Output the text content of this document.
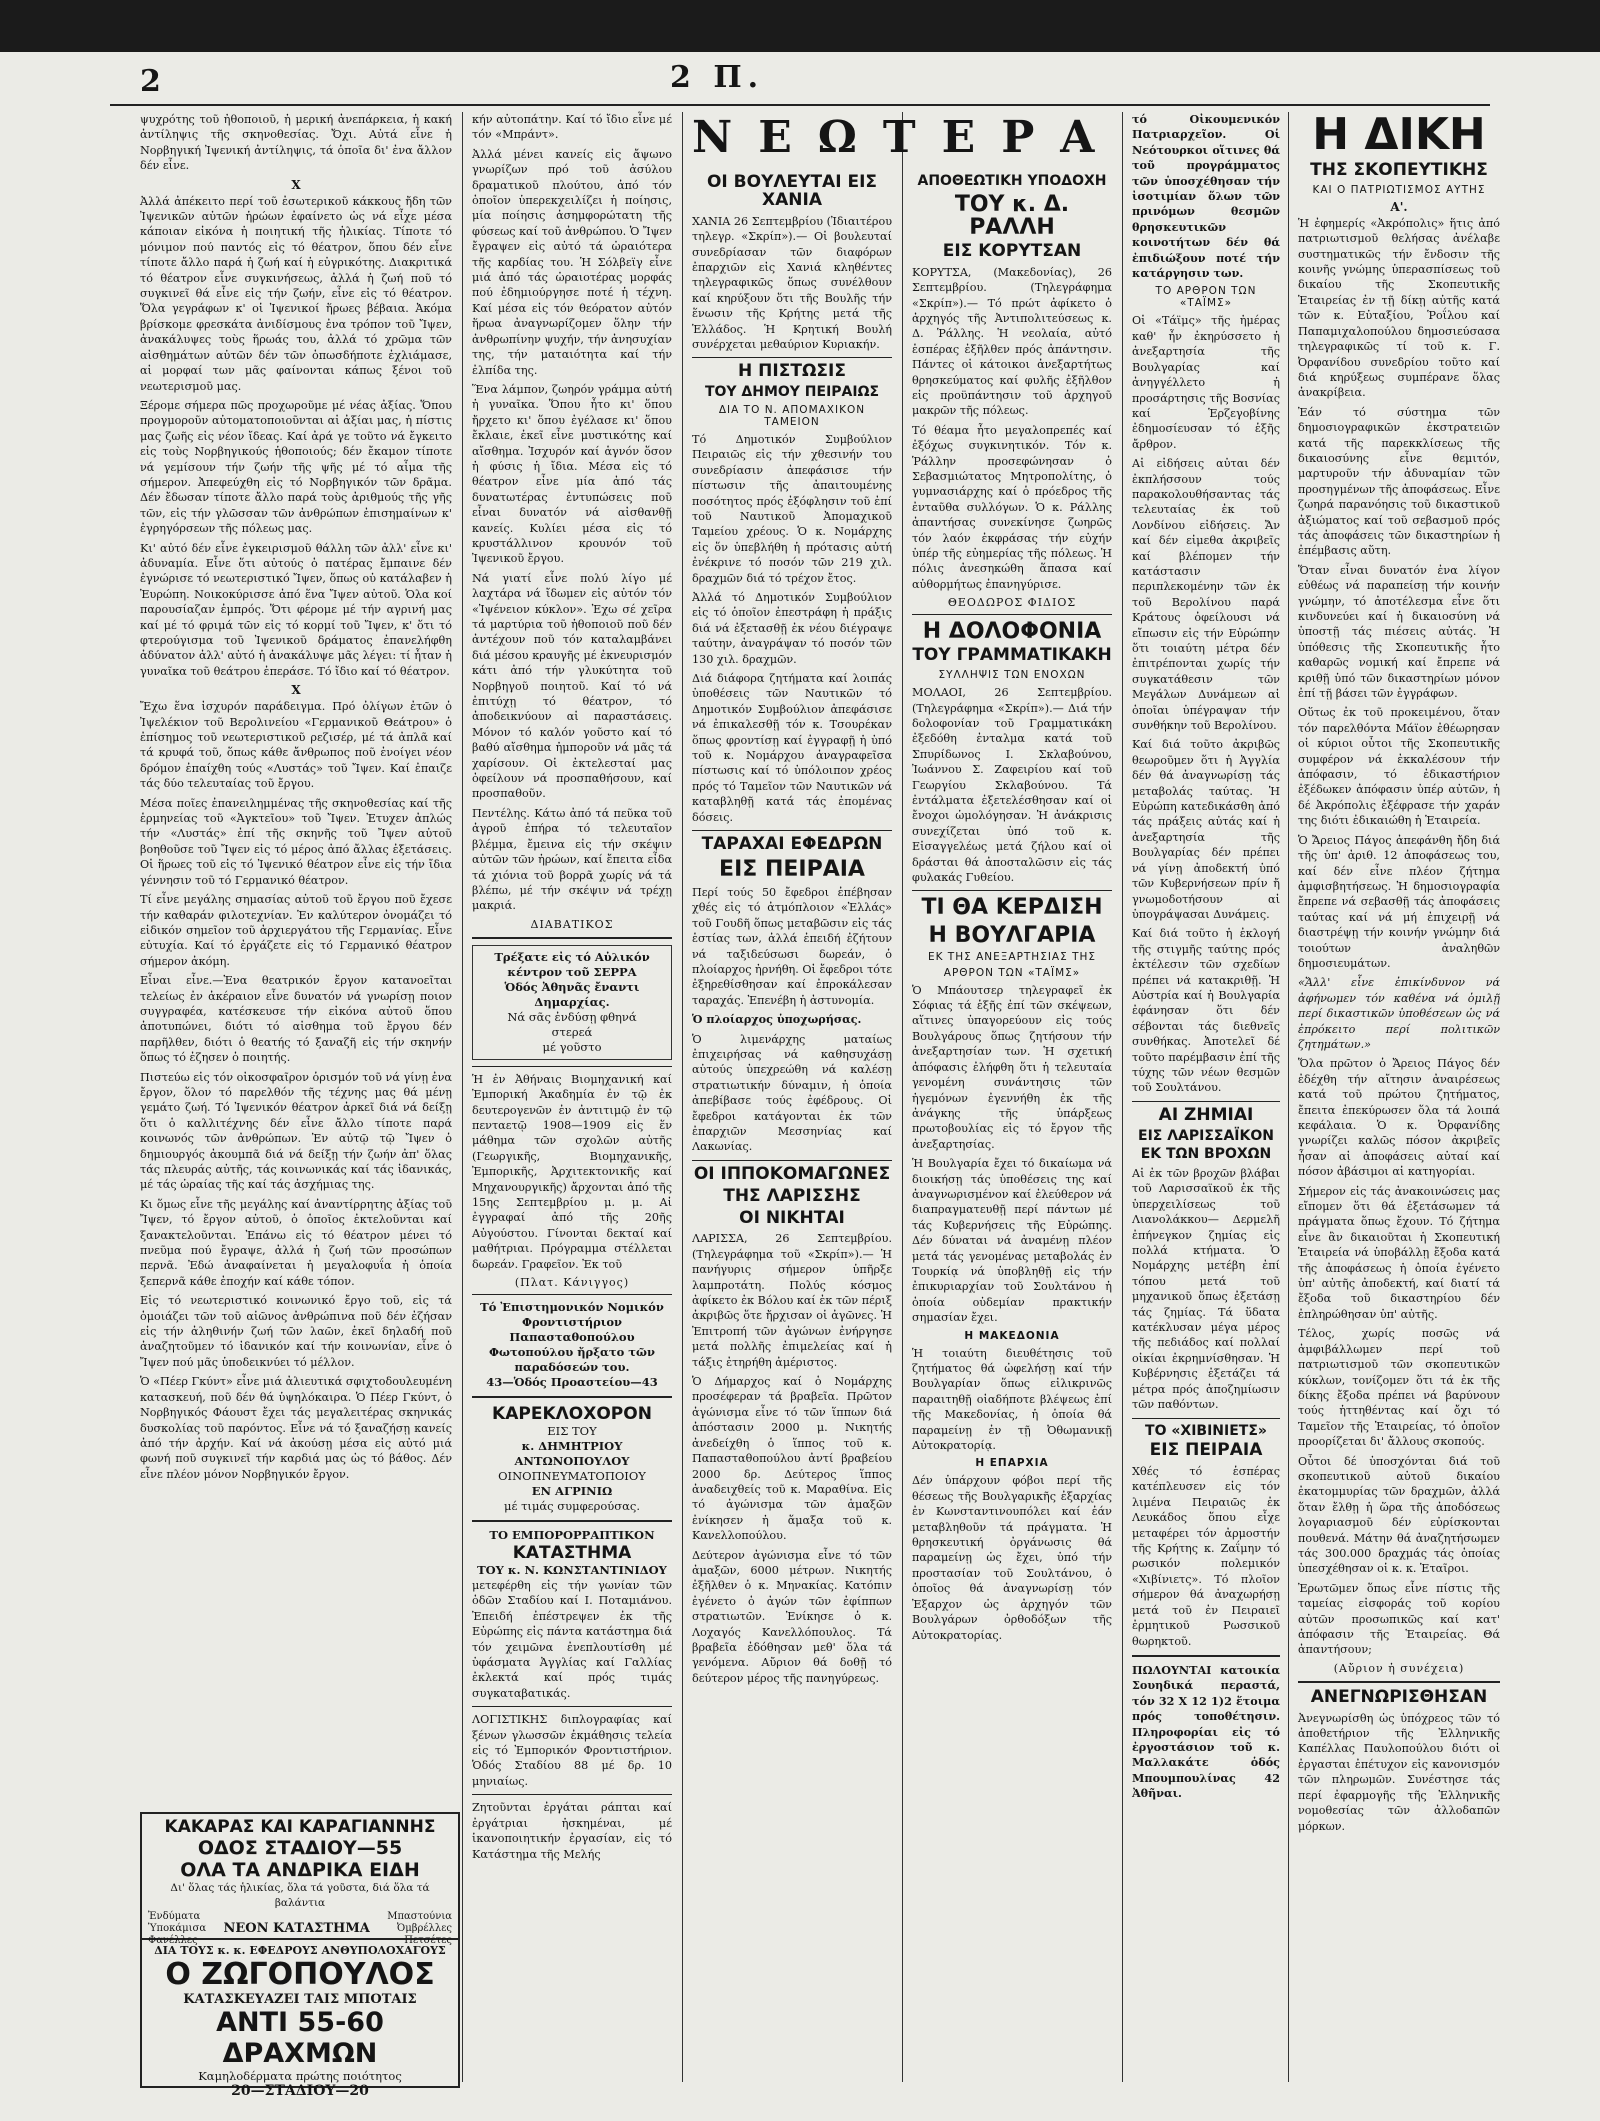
2	2 Π.

ψυχρότης τοῦ ἠθοποιοῦ, ἡ μερική ἀνεπάρκεια, ἡ κακή ἀντίληψις τῆς σκηνοθεσίας. Ὄχι. Αὐτά εἶνε ἡ Νορβηγική Ἰψενική ἀντίληψις, τά ὁποῖα δι' ἐνα ἄλλον δέν εἶνε.

X

Ἀλλά ἀπέκειτο περί τοῦ ἐσωτερικοῦ κάκκους ἤδη τῶν Ἰψενικῶν αὐτῶν ἡρώων ἐφαίνετο ὡς νά εἶχε μέσα κάποιαν εἰκόνα ἡ ποιητική τῆς ἡλικίας. Τίποτε τό μόνιμον πού παντός εἰς τό θέατρον, ὅπου δέν εἶνε τίποτε ἄλλο παρά ἡ ζωή καί ἡ εὐγρικότης. Διακριτικά τό θέατρον εἶνε συγκινήσεως, ἀλλά ἡ ζωή ποῦ τό συγκινεῖ θά εἶνε εἰς τήν ζωήν, εἶνε εἰς τό θέατρον. Ὅλα γεγράφων κ' οἱ Ἰψενικοί ἥρωες βέβαια. Ἀκόμα βρίσκομε φρεσκάτα ἀνιδίσμους ἐνα τρόπον τοῦ Ἴψεν, ἀνακάλυψες τοὺς ἥρωάς του, ἀλλά τό χρῶμα τῶν αἰσθημάτων αὐτῶν δέν τῶν ὁπωσδήποτε ἐχλιάμασε, αἱ μορφαί των μᾶς φαίνονται κάπως ξένοι τοῦ νεωτερισμοῦ μας.

Ξέρομε σήμερα πῶς προχωροῦμε μέ νέας ἀξίας. Ὅπου προγμοροῦν αὐτοματοποιοῦνται αἱ ἀξίαι μας, ἡ πίστις μας ζωῆς εἰς νέον ἴδεας. Καί ἀρά γε τοῦτο νά ἔγκειτο εἰς τοὺς Νορβηγικούς ἡθοποιούς; δέν ἔκαμον τίποτε νά γεμίσουν τήν ζωήν τῆς ψῆς μέ τό αἷμα τῆς σήμερον. Ἀπεφεύχθη εἰς τό Νορβηγικόν τῶν δρᾶμα. Δέν ἔδωσαν τίποτε ἄλλο παρά τοὺς ἀριθμούς τῆς γῆς τῶν, εἰς τήν γλῶσσαν τῶν ἀνθρώπων ἐπισημαίνων κ' ἐγρηγόρσεων τῆς πόλεως μας.

Κι' αὐτό δέν εἶνε ἐγκειρισμοῦ θάλλη τῶν ἀλλ' εἶνε κι' ἀδυναμία. Εἶνε ὅτι αὐτούς ὁ πατέρας ἔμπαινε δέν ἐγνώρισε τό νεωτεριστικό Ἴψεν, ὅπως οὐ κατάλαβεν ἡ Ἐυρώπη. Νοικοκύρισσε ἀπό ἕνα Ἴψεν αὐτοῦ. Ὁλα κοί παρουσίαζαν ἐμπρός. Ὅτι φέρομε μέ τήν αγρινή μας καί μέ τό φριμά τῶν εἰς τό κορμί τοῦ Ἴψεν, κ' ὅτι τό φτερούγισμα τοῦ Ἰψενικοῦ δράματος ἐπανελήφθη ἀδύνατον ἀλλ' αὐτό ἡ ἀνακάλυψε μᾶς λέγει: τί ἦταν ἡ γυναῖκα τοῦ θεάτρου ἐπεράσε. Τό ἴδιο καί τό θέατρον.

X

Ἔχω ἕνα ἰσχυρόν παράδειγμα. Πρό ὀλίγων ἐτῶν ὁ Ἰψελέκιον τοῦ Βερολινείου «Γερμανικοῦ Θεάτρου» ὁ ἐπίσημος τοῦ νεωτεριστικοῦ ρεζισέρ, μέ τά ἀπλᾶ καί τά κρυφά τοῦ, ὅπως κάθε ἄνθρωπος ποῦ ἐνοίγει νέον δρόμον ἐπαίχθη τούς «Λυστάς» τοῦ Ἴψεν. Καί ἐπαιζε τάς δύο τελευταίας τοῦ ἔργου.

Μέσα ποῖες ἐπανειλημμένας τῆς σκηνοθεσίας καί τῆς ἑρμηνείας τοῦ «Ἀγκτεῖου» τοῦ Ἴψεν. Ἐτυχεν ἀπλώς τήν «Λυστάς» ἐπί τῆς σκηνῆς τοῦ Ἴψεν αὐτοῦ βοηθοῦσε τοῦ Ἴψεν εἰς τό μέρος ἀπό ἄλλας ἐξετάσεις. Οἱ ἥρωες τοῦ εἰς τό Ἰψενικό θέατρον εἶνε εἰς τήν ἴδια γέννησιν τοῦ τό Γερμανικό θέατρον.

Τί εἶνε μεγάλης σημασίας αὐτοῦ τοῦ ἔργου ποῦ ἔχεσε τήν καθαράν φιλοτεχνίαν. Ἑν καλύτερον ὀνομάζει τό εἰδικόν σημεῖον τοῦ ἀρχιεργάτου τῆς Γερμανίας. Εἶνε εὐτυχία. Καί τό ἐργάζετε εἰς τό Γερμανικό θέατρον σήμερον ἀκόμη.

Εἶναι εἶνε.—Ἑνα θεατρικόν ἔργον κατανοεῖται τελείως ἐν ἀκέραιον εἶνε δυνατόν νά γνωρίσῃ ποιον συγγραφέα, κατέσκευσε τήν εἰκόνα αὐτοῦ ὅπου ἀποτυπώνει, διότι τό αἰσθημα τοῦ ἔργου δέν παρῆλθεν, διότι ὁ θεατής τό ξαναζῆ εἰς τήν σκηνήν ὅπως τό ἐζησεν ὁ ποιητής.

Πιστεύω εἰς τόν οἰκοσφαῖρον ὁρισμόν τοῦ νά γίνῃ ἐνα ἔργον, ὅλον τό παρελθόν τῆς τέχνης μας θά μένῃ γεμάτο ζωή. Τό Ἰψενικόν θέατρον ἀρκεῖ διά νά δείξῃ ὅτι ὁ καλλιτέχνης δέν εἶνε ἄλλο τίποτε παρά κοινωνός τῶν ἀνθρώπων. Ἐν αὐτῷ τῷ Ἴψεν ὁ δημιουργός ἀκουμπᾶ διά νά δείξῃ τήν ζωήν ἀπ' ὅλας τάς πλευράς αὐτῆς, τάς κοινωνικάς καί τάς ἰδανικάς, μέ τάς ὡραίας τῆς καί τάς ἀσχήμιας της.

Κι ὅμως εἶνε τῆς μεγάλης καί ἀναντίρρητης ἀξίας τοῦ Ἴψεν, τό ἔργον αὐτοῦ, ὁ ὁποῖος ἐκτελοῦνται καί ξανακτελοῦνται. Ἐπάνω εἰς τό θέατρον μένει τό πνεῦμα πού ἔγραψε, ἀλλά ἡ ζωή τῶν προσώπων περνᾶ. Ἐδώ ἀναφαίνεται ἡ μεγαλοφυΐα ἡ ὁποία ξεπερνᾶ κάθε ἐποχήν καί κάθε τόπον.

Εἰς τό νεωτεριστικό κοινωνικό ἔργο τοῦ, εἰς τά ὁμοιάζει τῶν τοῦ αἰῶνος ἀνθρώπινα ποῦ δέν ἐζήσαν εἰς τήν ἀληθινήν ζωή τῶν λαῶν, ἐκεῖ δηλαδή ποῦ ἀναζητοῦμεν τό ἰδανικόν καί τήν κοινωνίαν, εἶνε ὁ Ἴψεν πού μᾶς ὑποδεικνύει τό μέλλον.

Ὁ «Πέερ Γκύντ» εἶνε μιά ἀλιευτικά σφιχτοδουλευμένη κατασκευή, ποῦ δέν θά ὑψηλόκαιρα. Ὁ Πέερ Γκύντ, ὁ Νορβηγικός Φάουστ ἔχει τάς μεγαλειτέρας σκηνικάς δυσκολίας τοῦ παρόντος. Εἶνε νά τό ξαναζήσῃ κανείς ἀπό τήν ἀρχήν. Καί νά ἀκούσῃ μέσα εἰς αὐτό μιά φωνή ποῦ συγκινεῖ τήν καρδιά μας ὡς τό βάθος. Δέν εἶνε πλέον μόνον Νορβηγικόν ἔργον.

κήν αὐτοπάτην. Καί τό ἴδιο εἶνε μέ τόν «Μπράντ».

Ἀλλά μένει κανείς εἰς ἄψωνο γνωρίζων πρό τοῦ ἀσύλου δραματικοῦ πλούτου, ἀπό τόν ὁποῖον ὑπερεκχειλίζει ἡ ποίησις, μία ποίησις ἀσημφορώτατη τῆς φύσεως καί τοῦ ἀνθρώπου. Ὁ Ἴψεν ἔγραψεν εἰς αὐτό τά ὡραιότερα τῆς καρδίας του. Ἡ Σόλβεϊγ εἶνε μιά ἀπό τάς ὡραιοτέρας μορφάς πού ἐδημιούργησε ποτέ ἡ τέχνη. Καί μέσα εἰς τόν θεόρατον αὐτόν ἥρωα ἀναγνωρίζομεν ὅλην τήν ἀνθρωπίνην ψυχήν, τήν ἀνησυχίαν της, τήν ματαιότητα καί τήν ἐλπίδα της.

Ἕνα λάμπον, ζωηρόν γράμμα αὐτή ἡ γυναῖκα. Ὅπου ἦτο κι' ὅπου ἤρχετο κι' ὅπου ἐγέλασε κι' ὅπου ἔκλαιε, ἐκεῖ εἶνε μυστικότης καί αἴσθημα. Ἰσχυρόν καί ἁγνόν ὅσον ἡ φύσις ἡ ἴδια. Μέσα εἰς τό θέατρον εἶνε μία ἀπό τάς δυνατωτέρας ἐντυπώσεις ποῦ εἶναι δυνατόν νά αἰσθανθῇ κανείς. Κυλίει μέσα εἰς τό κρυστάλλινον κρουνόν τοῦ Ἰψενικοῦ ἔργου.

Νά γιατί εἶνε πολύ λίγο μέ λαχτάρα νά ἴδωμεν εἰς αὐτόν τόν «Ἰψένειον κύκλον». Ἐχω σέ χεῖρα τά μαρτύρια τοῦ ἡθοποιοῦ ποῦ δέν ἀντέχουν ποῦ τόν καταλαμβάνει διά μέσου κραυγῆς μέ ἐκνευρισμόν κάτι ἀπό τήν γλυκύτητα τοῦ Νορβηγοῦ ποιητοῦ. Καί τό νά ἐπιτύχῃ τό θέατρον, τό ἀποδεικνύουν αἱ παραστάσεις. Μόνον τό καλόν γοῦστο καί τό βαθύ αἴσθημα ἠμποροῦν νά μᾶς τά χαρίσουν. Οἱ ἐκτελεσταί μας ὀφείλουν νά προσπαθήσουν, καί προσπαθοῦν.

Πεντέλης. Κάτω ἀπό τά πεῦκα τοῦ ἀγροῦ ἐπήρα τό τελευταῖον βλέμμα, ἔμεινα εἰς τήν σκέψιν αὐτῶν τῶν ἡρώων, καί ἔπειτα εἶδα τά χιόνια τοῦ βορρᾶ χωρίς νά τά βλέπω, μέ τήν σκέψιν νά τρέχῃ μακριά.

ΔΙΑΒΑΤΙΚΟΣ
Τρέξατε εἰς τό Αὐλικόν κέντρον τοῦ ΣΕΡΡΑ
Ὁδός Ἀθηνᾶς ἔναντι Δημαρχίας.
Νά σᾶς ἐνδύσῃ φθηνά
στερεά
μέ γοῦστο

Ἡ ἐν Ἀθήναις Βιομηχανική καί Ἐμπορική Ἀκαδημία ἐν τῷ ἐκ δευτερογενῶν ἐν ἀντιτιμῷ ἐν τῷ πενταετῷ 1908—1909 εἰς ἕν μάθημα τῶν σχολῶν αὐτῆς (Γεωργικῆς, Βιομηχανικῆς, Ἐμπορικῆς, Ἀρχιτεκτονικῆς καί Μηχανουργικῆς) ἄρχονται ἀπό τῆς 15ης Σεπτεμβρίου μ. μ. Αἱ ἐγγραφαί ἀπό τῆς 20ῆς Αὐγούστου. Γίνονται δεκταί καί μαθήτριαι. Πρόγραμμα στέλλεται δωρεάν. Γραφεῖον. Ἐκ τοῦ

(Πλατ. Κάνιγγος)
Τό Ἐπιστημονικόν Νομικόν Φροντιστήριον Παπασταθοπούλου Φωτοπούλου ἤρξατο τῶν παραδόσεών του.
43—Ὁδός Προαστείου—43
ΚΑΡΕΚΛΟΧΟΡΟΝ
ΕΙΣ ΤΟΥ
κ. ΔΗΜΗΤΡΙΟΥ ΑΝΤΩΝΟΠΟΥΛΟΥ
ΟΙΝΟΠΝΕΥΜΑΤΟΠΟΙΟΥ
ΕΝ ΑΓΡΙΝΙΩ
μέ τιμάς συμφερούσας.
ΤΟ ΕΜΠΟΡΟΡΡΑΠΤΙΚΟΝ
ΚΑΤΑΣΤΗΜΑ
ΤΟΥ κ. Ν. ΚΩΝΣΤΑΝΤΙΝΙΔΟΥ

μετεφέρθη εἰς τήν γωνίαν τῶν ὁδῶν Σταδίου καί Ι. Ποταμιάνου. Ἐπειδή ἐπέστρεψεν ἐκ τῆς Εὐρώπης εἰς πάντα κατάστημα διά τόν χειμῶνα ἐνεπλουτίσθη μέ ὑφάσματα Ἀγγλίας καί Γαλλίας ἐκλεκτά καί πρός τιμάς συγκαταβατικάς.

ΛΟΓΙΣΤΙΚΗΣ διπλογραφίας καί ξένων γλωσσῶν ἐκμάθησις τελεία εἰς τό Ἐμπορικόν Φροντιστήριον. Ὁδός Σταδίου 88 μέ δρ. 10 μηνιαίως.

Ζητοῦνται ἐργάται ράπται καί ἐργάτριαι ἡσκημέναι, μέ ἱκανοποιητικήν ἐργασίαν, εἰς τό Κατάστημα τῆς Μελής

ΝΕΩΤΕΡΑ
ΟΙ ΒΟΥΛΕΥΤΑΙ ΕΙΣ ΧΑΝΙΑ

ΧΑΝΙΑ 26 Σεπτεμβρίου (Ἰδιαιτέρου τηλεγρ. «Σκρίπ»).— Οἱ βουλευταί συνεδρίασαν τῶν διαφόρων ἐπαρχιῶν εἰς Χανιά κληθέντες τηλεγραφικῶς ὅπως συνέλθουν καί κηρύξουν ὅτι τῆς Βουλῆς τήν ἕνωσιν τῆς Κρήτης μετά τῆς Ἑλλάδος. Ἡ Κρητική Βουλή συνέρχεται μεθαύριον Κυριακήν.

Η ΠΙΣΤΩΣΙΣ
ΤΟΥ ΔΗΜΟΥ ΠΕΙΡΑΙΩΣ
ΔΙΑ ΤΟ Ν. ΑΠΟΜΑΧΙΚΟΝ ΤΑΜΕΙΟΝ

Τό Δημοτικόν Συμβούλιον Πειραιῶς εἰς τήν χθεσινήν του συνεδρίασιν ἀπεφάσισε τήν πίστωσιν τῆς ἀπαιτουμένης ποσότητος πρός ἐξόφλησιν τοῦ ἐπί τοῦ Ναυτικοῦ Ἀπομαχικοῦ Ταμείου χρέους. Ὁ κ. Νομάρχης εἰς ὅν ὑπεβλήθη ἡ πρότασις αὐτή ἐνέκρινε τό ποσόν τῶν 219 χιλ. δραχμῶν διά τό τρέχον ἔτος.

Ἀλλά τό Δημοτικόν Συμβούλιον εἰς τό ὁποῖον ἐπεστράφη ἡ πράξις διά νά ἐξετασθῇ ἐκ νέου διέγραψε ταύτην, ἀναγράψαν τό ποσόν τῶν 130 χιλ. δραχμῶν.

Διά διάφορα ζητήματα καί λοιπάς ὑποθέσεις τῶν Ναυτικῶν τό Δημοτικόν Συμβούλιον ἀπεφάσισε νά ἐπικαλεσθῇ τόν κ. Τσουρέκαν ὅπως φροντίσῃ καί ἐγγραφῇ ἡ ὑπό τοῦ κ. Νομάρχου ἀναγραφεῖσα πίστωσις καί τό ὑπόλοιπον χρέος πρός τό Ταμεῖον τῶν Ναυτικῶν νά καταβληθῇ κατά τάς ἐπομένας δόσεις.

ΤΑΡΑΧΑΙ ΕΦΕΔΡΩΝ
ΕΙΣ ΠΕΙΡΑΙΑ

Περί τούς 50 ἔφεδροι ἐπέβησαν χθές εἰς τό ἀτμόπλοιον «Ἑλλάς» τοῦ Γουδῆ ὅπως μεταβῶσιν εἰς τάς ἑστίας των, ἀλλά ἐπειδή ἐζήτουν νά ταξιδεύσωσι δωρεάν, ὁ πλοίαρχος ἠρνήθη. Οἱ ἔφεδροι τότε ἐξηρεθίσθησαν καί ἐπροκάλεσαν ταραχάς. Ἐπενέβη ἡ ἀστυνομία.

Ὁ πλοίαρχος ὑποχωρήσας.

Ὁ λιμενάρχης ματαίως ἐπιχειρήσας νά καθησυχάσῃ αὐτούς ὑπεχρεώθη νά καλέσῃ στρατιωτικήν δύναμιν, ἡ ὁποία ἀπεβίβασε τούς ἐφέδρους. Οἱ ἔφεδροι κατάγονται ἐκ τῶν ἐπαρχιῶν Μεσσηνίας καί Λακωνίας.

ΟΙ ΙΠΠΟΚΟΜΑΓΩΝΕΣ
ΤΗΣ ΛΑΡΙΣΣΗΣ
ΟΙ ΝΙΚΗΤΑΙ

ΛΑΡΙΣΣΑ, 26 Σεπτεμβρίου. (Τηλεγράφημα τοῦ «Σκρίπ»).— Ἡ πανήγυρις σήμερον ὑπῆρξε λαμπροτάτη. Πολύς κόσμος ἀφίκετο ἐκ Βόλου καί ἐκ τῶν πέριξ ἀκριβῶς ὅτε ἤρχισαν οἱ ἀγῶνες. Ἡ Ἐπιτροπή τῶν ἀγώνων ἐνήργησε μετά πολλῆς ἐπιμελείας καί ἡ τάξις ἐτηρήθη ἀμέριστος.

Ὁ Δήμαρχος καί ὁ Νομάρχης προσέφεραν τά βραβεῖα. Πρῶτον ἀγώνισμα εἶνε τό τῶν ἵππων διά ἀπόστασιν 2000 μ. Νικητής ἀνεδείχθη ὁ ἵππος τοῦ κ. Παπασταθοπούλου ἀντί βραβείου 2000 δρ. Δεύτερος ἵππος ἀναδειχθείς τοῦ κ. Μαραθίνα. Εἰς τό ἀγώνισμα τῶν ἁμαξῶν ἐνίκησεν ἡ ἅμαξα τοῦ κ. Κανελλοπούλου.

Δεύτερον ἀγώνισμα εἶνε τό τῶν ἀμαξῶν, 6000 μέτρων. Νικητής ἐξῆλθεν ὁ κ. Μηνακίας. Κατόπιν ἐγένετο ὁ ἀγών τῶν ἐφίππων στρατιωτῶν. Ἐνίκησε ὁ κ. Λοχαγός Κανελλόπουλος. Τά βραβεῖα ἐδόθησαν μεθ' ὅλα τά γενόμενα. Αὔριον θά δοθῇ τό δεύτερον μέρος τῆς πανηγύρεως.

ΑΠΟΘΕΩΤΙΚΗ ΥΠΟΔΟΧΗ
ΤΟΥ κ. Δ. ΡΑΛΛΗ
ΕΙΣ ΚΟΡΥΤΣΑΝ

ΚΟΡΥΤΣΑ, (Μακεδονίας), 26 Σεπτεμβρίου. (Τηλεγράφημα «Σκρίπ»).— Τό πρώτ ἀφίκετο ὁ ἀρχηγός τῆς Ἀντιπολιτεύσεως κ. Δ. Ῥάλλης. Ἡ νεολαία, αὐτό ἑσπέρας ἐξῆλθεν πρός ἀπάντησιν. Πάντες οἱ κάτοικοι ἀνεξαρτήτως θρησκεύματος καί φυλῆς ἐξῆλθον εἰς προϋπάντησιν τοῦ ἀρχηγοῦ μακρῶν τῆς πόλεως.

Τό θέαμα ἦτο μεγαλοπρεπές καί ἐξόχως συγκινητικόν. Τόν κ. Ῥάλλην προσεφώνησαν ὁ Σεβασμιώτατος Μητροπολίτης, ὁ γυμνασιάρχης καί ὁ πρόεδρος τῆς ἐνταῦθα συλλόγων. Ὁ κ. Ράλλης ἀπαντήσας συνεκίνησε ζωηρῶς τόν λαόν ἐκφράσας τήν εὐχήν ὑπέρ τῆς εὐημερίας τῆς πόλεως. Ἡ πόλις ἀνεσηκώθη ἅπασα καί αὐθορμήτως ἐπανηγύρισε.

ΘΕΟΔΩΡΟΣ ΦΙΔΙΟΣ
Η ΔΟΛΟΦΟΝΙΑ
ΤΟΥ ΓΡΑΜΜΑΤΙΚΑΚΗ
ΣΥΛΛΗΨΙΣ ΤΩΝ ΕΝΟΧΩΝ

ΜΟΛΑΟΙ, 26 Σεπτεμβρίου. (Τηλεγράφημα «Σκρίπ»).— Διά τήν δολοφονίαν τοῦ Γραμματικάκη ἐξεδόθη ἐνταλμα κατά τοῦ Σπυρίδωνος Ι. Σκλαβούνου, Ἰωάννου Σ. Ζαφειρίου καί τοῦ Γεωργίου Σκλαβούνου. Τά ἐντάλματα ἐξετελέσθησαν καί οἱ ἔνοχοι ὡμολόγησαν. Ἡ ἀνάκρισις συνεχίζεται ὑπό τοῦ κ. Εἰσαγγελέως μετά ζήλου καί οἱ δράσται θά ἀποσταλῶσιν εἰς τάς φυλακάς Γυθείου.

ΤΙ ΘΑ ΚΕΡΔΙΣΗ
Η ΒΟΥΛΓΑΡΙΑ
ΕΚ ΤΗΣ ΑΝΕΞΑΡΤΗΣΙΑΣ ΤΗΣ
ΑΡΘΡΟΝ ΤΩΝ «ΤΑΪΜΣ»

Ὁ Μπάουτσερ τηλεγραφεῖ ἐκ Σόφιας τά ἑξῆς ἐπί τῶν σκέψεων, αἵτινες ὑπαγορεύουν εἰς τούς Βουλγάρους ὅπως ζητήσουν τήν ἀνεξαρτησίαν των. Ἡ σχετική ἀπόφασις ἐλήφθη ὅτι ἡ τελευταία γενομένη συνάντησις τῶν ἡγεμόνων ἐγεννήθη ἐκ τῆς ἀνάγκης τῆς ὑπάρξεως πρωτοβουλίας εἰς τό ἔργον τῆς ἀνεξαρτησίας.

Ἡ Βουλγαρία ἔχει τό δικαίωμα νά διοικήσῃ τάς ὑποθέσεις της καί ἀναγνωρισμένον καί ἐλεύθερον νά διαπραγματευθῇ περί πάντων μέ τάς Κυβερνήσεις τῆς Εὐρώπης. Δέν δύναται νά ἀναμένῃ πλέον μετά τάς γενομένας μεταβολάς ἐν Τουρκίᾳ νά ὑποβληθῇ εἰς τήν ἐπικυριαρχίαν τοῦ Σουλτάνου ἡ ὁποία οὐδεμίαν πρακτικήν σημασίαν ἔχει.

Η ΜΑΚΕΔΟΝΙΑ

Ἡ τοιαύτη διευθέτησις τοῦ ζητήματος θά ὠφελήσῃ καί τήν Βουλγαρίαν ὅπως εἰλικρινῶς παραιτηθῇ οἱαδήποτε βλέψεως ἐπί τῆς Μακεδονίας, ἡ ὁποία θά παραμείνῃ ἐν τῇ Ὀθωμανικῇ Αὐτοκρατορίᾳ.

Η ΕΠΑΡΧΙΑ

Δέν ὑπάρχουν φόβοι περί τῆς θέσεως τῆς Βουλγαρικῆς ἐξαρχίας ἐν Κωνσταντινουπόλει καί ἐάν μεταβληθοῦν τά πράγματα. Ἡ θρησκευτική ὀργάνωσις θά παραμείνῃ ὡς ἔχει, ὑπό τήν προστασίαν τοῦ Σουλτάνου, ὁ ὁποῖος θά ἀναγνωρίσῃ τόν Ἐξαρχον ὡς ἀρχηγόν τῶν Βουλγάρων ὀρθοδόξων τῆς Αὐτοκρατορίας.

τό Οἰκουμενικόν Πατριαρχεῖον. Οἱ Νεότουρκοι οἵτινες θά τοῦ προγράμματος τῶν ὑποσχέθησαν τήν ἰσοτιμίαν ὅλων τῶν πρινόμων θεσμῶν θρησκευτικῶν κοινοτήτων δέν θά ἐπιδιώξουν ποτέ τήν κατάργησιν των.

ΤΟ ΑΡΘΡΟΝ ΤΩΝ «ΤΑΪΜΣ»

Οἱ «Τάϊμς» τῆς ἡμέρας καθ' ἦν ἐκηρύσσετο ἡ ἀνεξαρτησία τῆς Βουλγαρίας καί ἀνηγγέλλετο ἡ προσάρτησις τῆς Βοσνίας καί Ἑρζεγοβίνης ἐδημοσίευσαν τό ἑξῆς ἄρθρον.

Αἱ εἰδήσεις αὐται δέν ἐκπλήσσουν τούς παρακολουθήσαντας τάς τελευταίας ἐκ τοῦ Λονδίνου εἰδήσεις. Ἄν καί δέν εἰμεθα ἀκριβεῖς καί βλέπομεν τήν κατάστασιν περιπλεκομένην τῶν ἐκ τοῦ Βερολίνου παρά Κράτους ὀφείλουσι νά εἴπωσιν εἰς τήν Εὐρώπην ὅτι τοιαύτη μέτρα δέν ἐπιτρέπονται χωρίς τήν συγκατάθεσιν τῶν Μεγάλων Δυνάμεων αἱ ὁποῖαι ὑπέγραψαν τήν συνθήκην τοῦ Βερολίνου.

Καί διά τοῦτο ἀκριβῶς θεωροῦμεν ὅτι ἡ Ἀγγλία δέν θά ἀναγνωρίσῃ τάς μεταβολάς ταύτας. Ἡ Εὐρώπη κατεδικάσθη ἀπό τάς πράξεις αὐτάς καί ἡ ἀνεξαρτησία τῆς Βουλγαρίας δέν πρέπει νά γίνῃ ἀποδεκτή ὑπό τῶν Κυβερνήσεων πρίν ἤ γνωμοδοτήσουν αἱ ὑπογράψασαι Δυνάμεις.

Καί διά τοῦτο ἡ ἐκλογή τῆς στιγμῆς ταύτης πρός ἐκτέλεσιν τῶν σχεδίων πρέπει νά κατακριθῇ. Ἡ Αὐστρία καί ἡ Βουλγαρία ἐφάνησαν ὅτι δέν σέβονται τάς διεθνεῖς συνθήκας. Ἀποτελεῖ δέ τοῦτο παρέμβασιν ἐπί τῆς τύχης τῶν νέων θεσμῶν τοῦ Σουλτάνου.

ΑΙ ΖΗΜΙΑΙ
ΕΙΣ ΛΑΡΙΣΣΑΪΚΟΝ
ΕΚ ΤΩΝ ΒΡΟΧΩΝ

Αἱ ἐκ τῶν βροχῶν βλάβαι τοῦ Λαρισσαϊκοῦ ἐκ τῆς ὑπερχειλίσεως τοῦ Λιανολάκκου— Δερμελῆ ἐπήνεγκον ζημίας εἰς πολλά κτήματα. Ὁ Νομάρχης μετέβη ἐπί τόπου μετά τοῦ μηχανικοῦ ὅπως ἐξετάσῃ τάς ζημίας. Τά ὕδατα κατέκλυσαν μέγα μέρος τῆς πεδιάδος καί πολλαί οἰκίαι ἐκρημνίσθησαν. Ἡ Κυβέρνησις ἐξετάζει τά μέτρα πρός ἀποζημίωσιν τῶν παθόντων.

ΤΟ «ΧΙΒΙΝΙΕΤΣ»
ΕΙΣ ΠΕΙΡΑΙΑ

Χθές τό ἑσπέρας κατέπλευσεν εἰς τόν λιμένα Πειραιῶς ἐκ Λευκάδος ὅπου εἶχε μεταφέρει τόν ἀρμοστήν τῆς Κρήτης κ. Ζαΐμην τό ρωσικόν πολεμικόν «Χιβίνιετς». Τό πλοῖον σήμερον θά ἀναχωρήσῃ μετά τοῦ ἐν Πειραιεῖ ἐρμητικοῦ Ρωσσικοῦ θωρηκτοῦ.

ΠΩΛΟΥΝΤΑΙ κατοικία Σουηδικά περαστά, τόν 32 Χ 12 1)2 ἕτοιμα πρός τοποθέτησιν. Πληροφορίαι εἰς τό ἐργοστάσιον τοῦ κ. Μαλλακάτε ὁδός Μπουμπουλίνας 42 Ἀθῆναι.

Η ΔΙΚΗ
ΤΗΣ ΣΚΟΠΕΥΤΙΚΗΣ
ΚΑΙ Ο ΠΑΤΡΙΩΤΙΣΜΟΣ ΑΥΤΗΣ
Α'.

Ἡ ἐφημερίς «Ἀκρόπολις» ἥτις ἀπό πατριωτισμοῦ θελήσας ἀνέλαβε συστηματικῶς τήν ἔνδοσιν τῆς κοινῆς γνώμης ὑπερασπίσεως τοῦ δικαίου τῆς Σκοπευτικῆς Ἑταιρείας ἐν τῇ δίκῃ αὐτῆς κατά τῶν κ. Εὐταξίου, Ῥοΐλου καί Παπαμιχαλοπούλου δημοσιεύσασα τηλεγραφικῶς τί τοῦ κ. Γ. Ὀρφανίδου συνεδρίου τοῦτο καί διά κηρύξεως συμπέρανε ὅλας ἀνακρίβεια.

Ἐάν τό σύστημα τῶν δημοσιογραφικῶν ἐκστρατειῶν κατά τῆς παρεκκλίσεως τῆς δικαιοσύνης εἶνε θεμιτόν, μαρτυροῦν τήν ἀδυναμίαν τῶν προσηγμένων τῆς ἀποφάσεως. Εἶνε ζωηρά παρανόησις τοῦ δικαστικοῦ ἀξιώματος καί τοῦ σεβασμοῦ πρός τάς ἀποφάσεις τῶν δικαστηρίων ἡ ἐπέμβασις αὕτη.

Ὅταν εἶναι δυνατόν ἐνα λίγον εὐθέως νά παραπείσῃ τήν κοινήν γνώμην, τό ἀποτέλεσμα εἶνε ὅτι κινδυνεύει καί ἡ δικαιοσύνη νά ὑποστῇ τάς πιέσεις αὐτάς. Ἡ ὑπόθεσις τῆς Σκοπευτικῆς ἦτο καθαρῶς νομική καί ἔπρεπε νά κριθῇ ὑπό τῶν δικαστηρίων μόνον ἐπί τῇ βάσει τῶν ἐγγράφων.

Οὕτως ἐκ τοῦ προκειμένου, ὅταν τόν παρελθόντα Μάϊον ἐθέωρησαν οἱ κύριοι οὗτοι τῆς Σκοπευτικῆς συμφέρον νά ἐκκαλέσουν τήν ἀπόφασιν, τό ἐδικαστήριον ἐξέδωκεν ἀπόφασιν ὑπέρ αὐτῶν, ἡ δέ Ἀκρόπολις ἐξέφρασε τήν χαράν της διότι ἐδικαιώθη ἡ Ἑταιρεία.

Ὁ Ἄρειος Πάγος ἀπεφάνθη ἤδη διά τῆς ὑπ' ἀριθ. 12 ἀποφάσεως του, καί δέν εἶνε πλέον ζήτημα ἀμφισβητήσεως. Ἡ δημοσιογραφία ἔπρεπε νά σεβασθῇ τάς ἀποφάσεις ταύτας καί νά μή ἐπιχειρῇ νά διαστρέψῃ τήν κοινήν γνώμην διά τοιούτων ἀναληθῶν δημοσιευμάτων.

«Ἄλλ' εἶνε ἐπικίνδυνον νά ἀφήνωμεν τόν καθένα νά ὁμιλῇ περί δικαστικῶν ὑποθέσεων ὡς νά ἐπρόκειτο περί πολιτικῶν ζητημάτων.»

Ὅλα πρῶτον ὁ Ἄρειος Πάγος δέν ἐδέχθη τήν αἴτησιν ἀναιρέσεως κατά τοῦ πρώτου ζητήματος, ἔπειτα ἐπεκύρωσεν ὅλα τά λοιπά κεφάλαια. Ὁ κ. Ὀρφανίδης γνωρίζει καλῶς πόσον ἀκριβεῖς ἦσαν αἱ ἀποφάσεις αὐταί καί πόσον ἀβάσιμοι αἱ κατηγορίαι.

Σήμερον εἰς τάς ἀνακοινώσεις μας εἴπομεν ὅτι θά ἐξετάσωμεν τά πράγματα ὅπως ἔχουν. Τό ζήτημα εἶνε ἂν δικαιοῦται ἡ Σκοπευτική Ἑταιρεία νά ὑποβάλλῃ ἔξοδα κατά τῆς ἀποφάσεως ἡ ὁποία ἐγένετο ὑπ' αὐτῆς ἀποδεκτή, καί διατί τά ἔξοδα τοῦ δικαστηρίου δέν ἐπληρώθησαν ὑπ' αὐτῆς.

Τέλος, χωρίς ποσῶς νά ἀμφιβάλλωμεν περί τοῦ πατριωτισμοῦ τῶν σκοπευτικῶν κύκλων, τονίζομεν ὅτι τά ἐκ τῆς δίκης ἔξοδα πρέπει νά βαρύνουν τούς ἡττηθέντας καί ὄχι τό Ταμεῖον τῆς Ἑταιρείας, τό ὁποῖον προορίζεται δι' ἄλλους σκοπούς.

Οὗτοι δέ ὑποσχόνται διά τοῦ σκοπευτικοῦ αὐτοῦ δικαίου ἐκατομμυρίας τῶν δραχμῶν, ἀλλά ὅταν ἔλθῃ ἡ ὥρα τῆς ἀποδόσεως λογαριασμοῦ δέν εὑρίσκονται πουθενά. Μάτην θά ἀναζητήσωμεν τάς 300.000 δραχμάς τάς ὁποίας ὑπεσχέθησαν οἱ κ. κ. Ἑταῖροι.

Ἐρωτῶμεν ὅπως εἶνε πίστις τῆς ταμείας εἰσφοράς τοῦ κορίου αὐτῶν προσωπικῶς καί κατ' ἀπόφασιν τῆς Ἑταιρείας. Θά ἀπαντήσουν;

(Αὔριον ἡ συνέχεια)
ΑΝΕΓΝΩΡΙΣΘΗΣΑΝ

Ἀνεγνωρίσθη ὡς ὑπόχρεος τῶν τό ἀποθετήριον τῆς Ἑλληνικῆς Καπέλλας Παυλοπούλου διότι οἱ ἐργασται ἐπέτυχον εἰς κανονισμόν τῶν πληρωμῶν. Συνέστησε τάς περί ἐφαρμογῆς τῆς Ἑλληνικῆς νομοθεσίας τῶν ἀλλοδαπῶν μόρκων.

ΚΑΚΑΡΑΣ ΚΑΙ ΚΑΡΑΓΙΑΝΝΗΣ
ΟΔΟΣ ΣΤΑΔΙΟΥ—55
ΟΛΑ ΤΑ ΑΝΔΡΙΚΑ ΕΙΔΗ
Δι' ὅλας τάς ἡλικίας, ὅλα τά γοῦστα, διά ὅλα τά βαλάντια
Ἐνδύματα
Ὑποκάμισα
Φανέλλες
ΝΕΟΝ ΚΑΤΑΣΤΗΜΑ
Μπαστούνια
Ὀμβρέλλες
Πετσέτες
ΔΙΑ ΤΟΥΣ κ. κ. ΕΦΕΔΡΟΥΣ ΑΝΘΥΠΟΛΟΧΑΓΟΥΣ
Ο ΖΩΓΟΠΟΥΛΟΣ
ΚΑΤΑΣΚΕΥΑΖΕΙ ΤΑΙΣ ΜΠΟΤΑΙΣ
ΑΝΤΙ 55-60 ΔΡΑΧΜΩΝ
Καμηλοδέρματα πρώτης ποιότητος
20—ΣΤΑΔΙΟΥ—20
